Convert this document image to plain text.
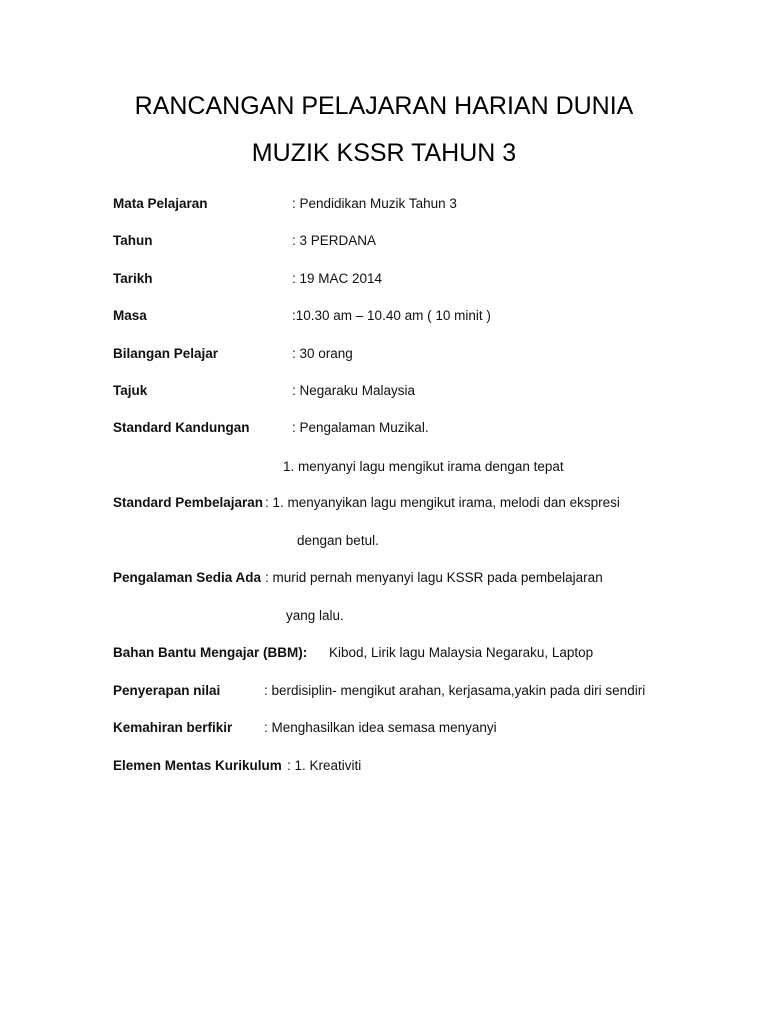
RANCANGAN PELAJARAN HARIAN DUNIA
MUZIK KSSR TAHUN 3
Mata Pelajaran	: Pendidikan Muzik Tahun 3
Tahun	: 3 PERDANA
Tarikh	: 19 MAC 2014
Masa	:10.30 am – 10.40 am ( 10 minit )
Bilangan Pelajar	: 30 orang
Tajuk	: Negaraku Malaysia
Standard Kandungan	: Pengalaman Muzikal.
1. menyanyi lagu mengikut irama dengan tepat
Standard Pembelajaran : 1. menyanyikan lagu mengikut irama, melodi dan ekspresi
dengan betul.
Pengalaman Sedia Ada : murid pernah menyanyi lagu KSSR pada pembelajaran
yang lalu.
Bahan Bantu Mengajar (BBM): Kibod, Lirik lagu Malaysia Negaraku, Laptop
Penyerapan nilai	: berdisiplin- mengikut arahan, kerjasama,yakin pada diri sendiri
Kemahiran berfikir : Menghasilkan idea semasa menyanyi
Elemen Mentas Kurikulum : 1. Kreativiti
